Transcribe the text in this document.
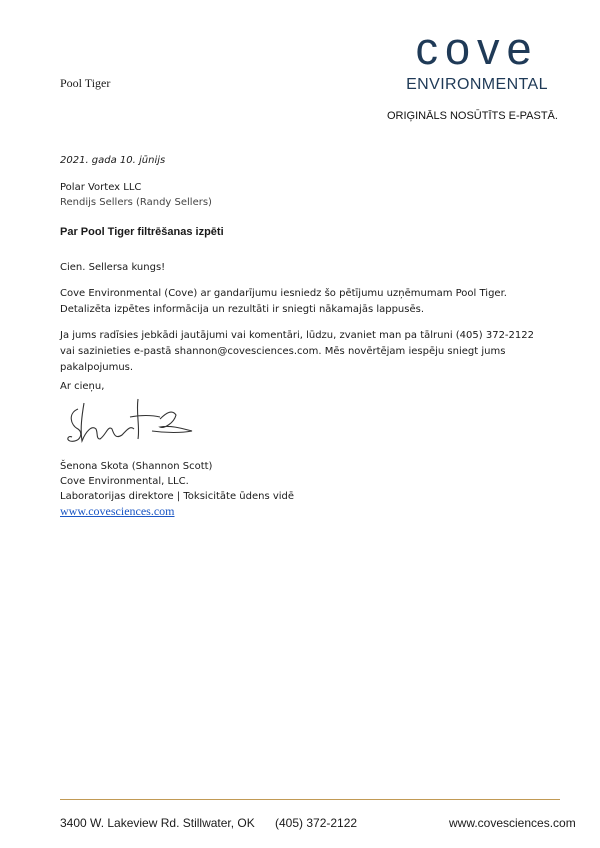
Pool Tiger
cove
ENVIRONMENTAL
ORIĢINĀLS NOSŪTĪTS E-PASTĀ.
2021. gada 10. jūnijs
Polar Vortex LLC
Rendijs Sellers (Randy Sellers)
Par Pool Tiger filtrēšanas izpēti
Cien. Sellersa kungs!
Cove Environmental (Cove) ar gandarījumu iesniedz šo pētījumu uzņēmumam Pool Tiger. Detalizēta izpētes informācija un rezultāti ir sniegti nākamajās lappusēs.
Ja jums radīsies jebkādi jautājumi vai komentāri, lūdzu, zvaniet man pa tālruni (405) 372-2122 vai sazinieties e-pastā shannon@covesciences.com. Mēs novērtējam iespēju sniegt jums pakalpojumus.
Ar cieņu,
Šenona Skota (Shannon Scott)
Cove Environmental, LLC.
Laboratorijas direktore | Toksicitāte ūdens vidē
www.covesciences.com
3400 W. Lakeview Rd. Stillwater, OK (405) 372-2122	www.covesciences.com
